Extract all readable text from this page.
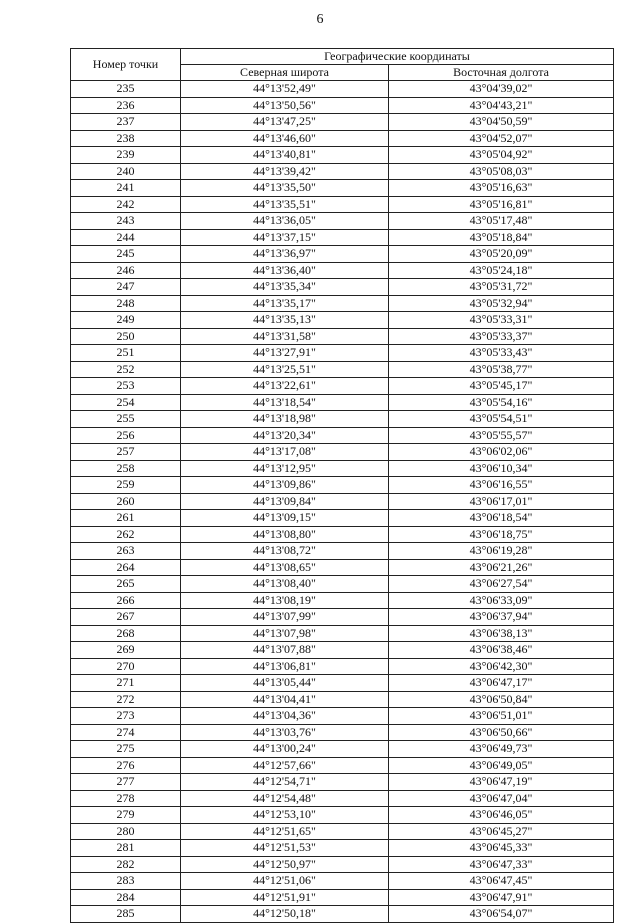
6
Номер точки	Географические координаты	
	Северная широта	Восточная долгота
235	44°13'52,49"	43°04'39,02"
236	44°13'50,56"	43°04'43,21"
237	44°13'47,25"	43°04'50,59"
238	44°13'46,60"	43°04'52,07"
239	44°13'40,81"	43°05'04,92"
240	44°13'39,42"	43°05'08,03"
241	44°13'35,50"	43°05'16,63"
242	44°13'35,51"	43°05'16,81"
243	44°13'36,05"	43°05'17,48"
244	44°13'37,15"	43°05'18,84"
245	44°13'36,97"	43°05'20,09"
246	44°13'36,40"	43°05'24,18"
247	44°13'35,34"	43°05'31,72"
248	44°13'35,17"	43°05'32,94"
249	44°13'35,13"	43°05'33,31"
250	44°13'31,58"	43°05'33,37"
251	44°13'27,91"	43°05'33,43"
252	44°13'25,51"	43°05'38,77"
253	44°13'22,61"	43°05'45,17"
254	44°13'18,54"	43°05'54,16"
255	44°13'18,98"	43°05'54,51"
256	44°13'20,34"	43°05'55,57"
257	44°13'17,08"	43°06'02,06"
258	44°13'12,95"	43°06'10,34"
259	44°13'09,86"	43°06'16,55"
260	44°13'09,84"	43°06'17,01"
261	44°13'09,15"	43°06'18,54"
262	44°13'08,80"	43°06'18,75"
263	44°13'08,72"	43°06'19,28"
264	44°13'08,65"	43°06'21,26"
265	44°13'08,40"	43°06'27,54"
266	44°13'08,19"	43°06'33,09"
267	44°13'07,99"	43°06'37,94"
268	44°13'07,98"	43°06'38,13"
269	44°13'07,88"	43°06'38,46"
270	44°13'06,81"	43°06'42,30"
271	44°13'05,44"	43°06'47,17"
272	44°13'04,41"	43°06'50,84"
273	44°13'04,36"	43°06'51,01"
274	44°13'03,76"	43°06'50,66"
275	44°13'00,24"	43°06'49,73"
276	44°12'57,66"	43°06'49,05"
277	44°12'54,71"	43°06'47,19"
278	44°12'54,48"	43°06'47,04"
279	44°12'53,10"	43°06'46,05"
280	44°12'51,65"	43°06'45,27"
281	44°12'51,53"	43°06'45,33"
282	44°12'50,97"	43°06'47,33"
283	44°12'51,06"	43°06'47,45"
284	44°12'51,91"	43°06'47,91"
285	44°12'50,18"	43°06'54,07"
